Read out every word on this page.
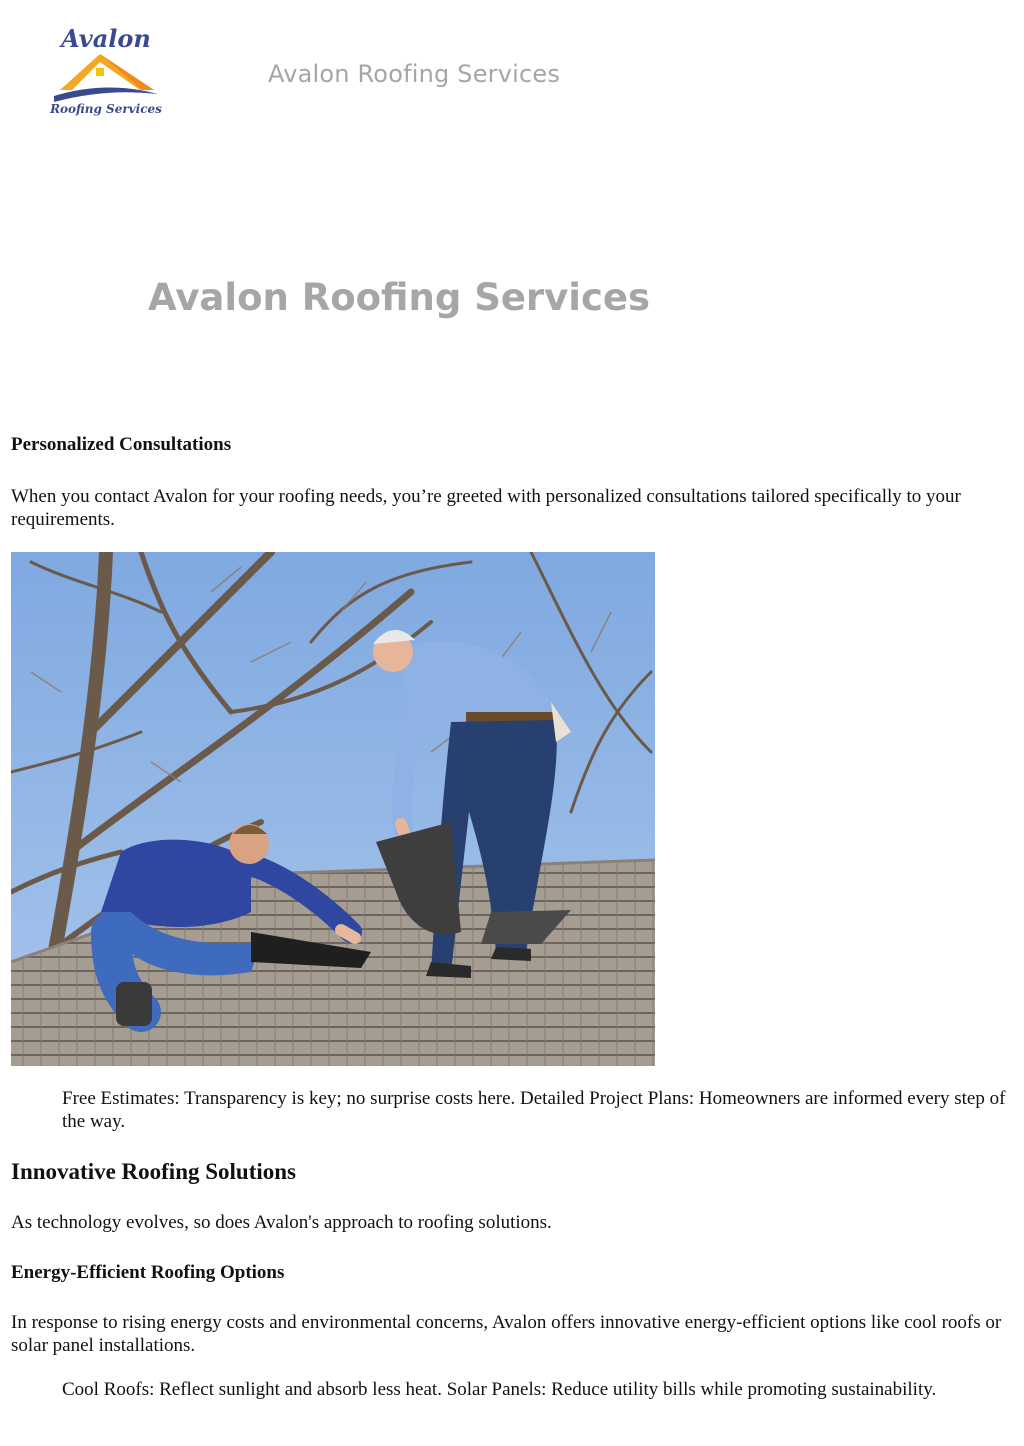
Avalon
Roofing Services
Avalon Roofing Services
Avalon Roofing Services
Personalized Consultations
When you contact Avalon for your roofing needs, you’re greeted with personalized consultations tailored specifically to your requirements.
Free Estimates: Transparency is key; no surprise costs here. Detailed Project Plans: Homeowners are informed every step of the way.
Innovative Roofing Solutions
As technology evolves, so does Avalon's approach to roofing solutions.
Energy-Efficient Roofing Options
In response to rising energy costs and environmental concerns, Avalon offers innovative energy-efficient options like cool roofs or solar panel installations.
Cool Roofs: Reflect sunlight and absorb less heat. Solar Panels: Reduce utility bills while promoting sustainability.
